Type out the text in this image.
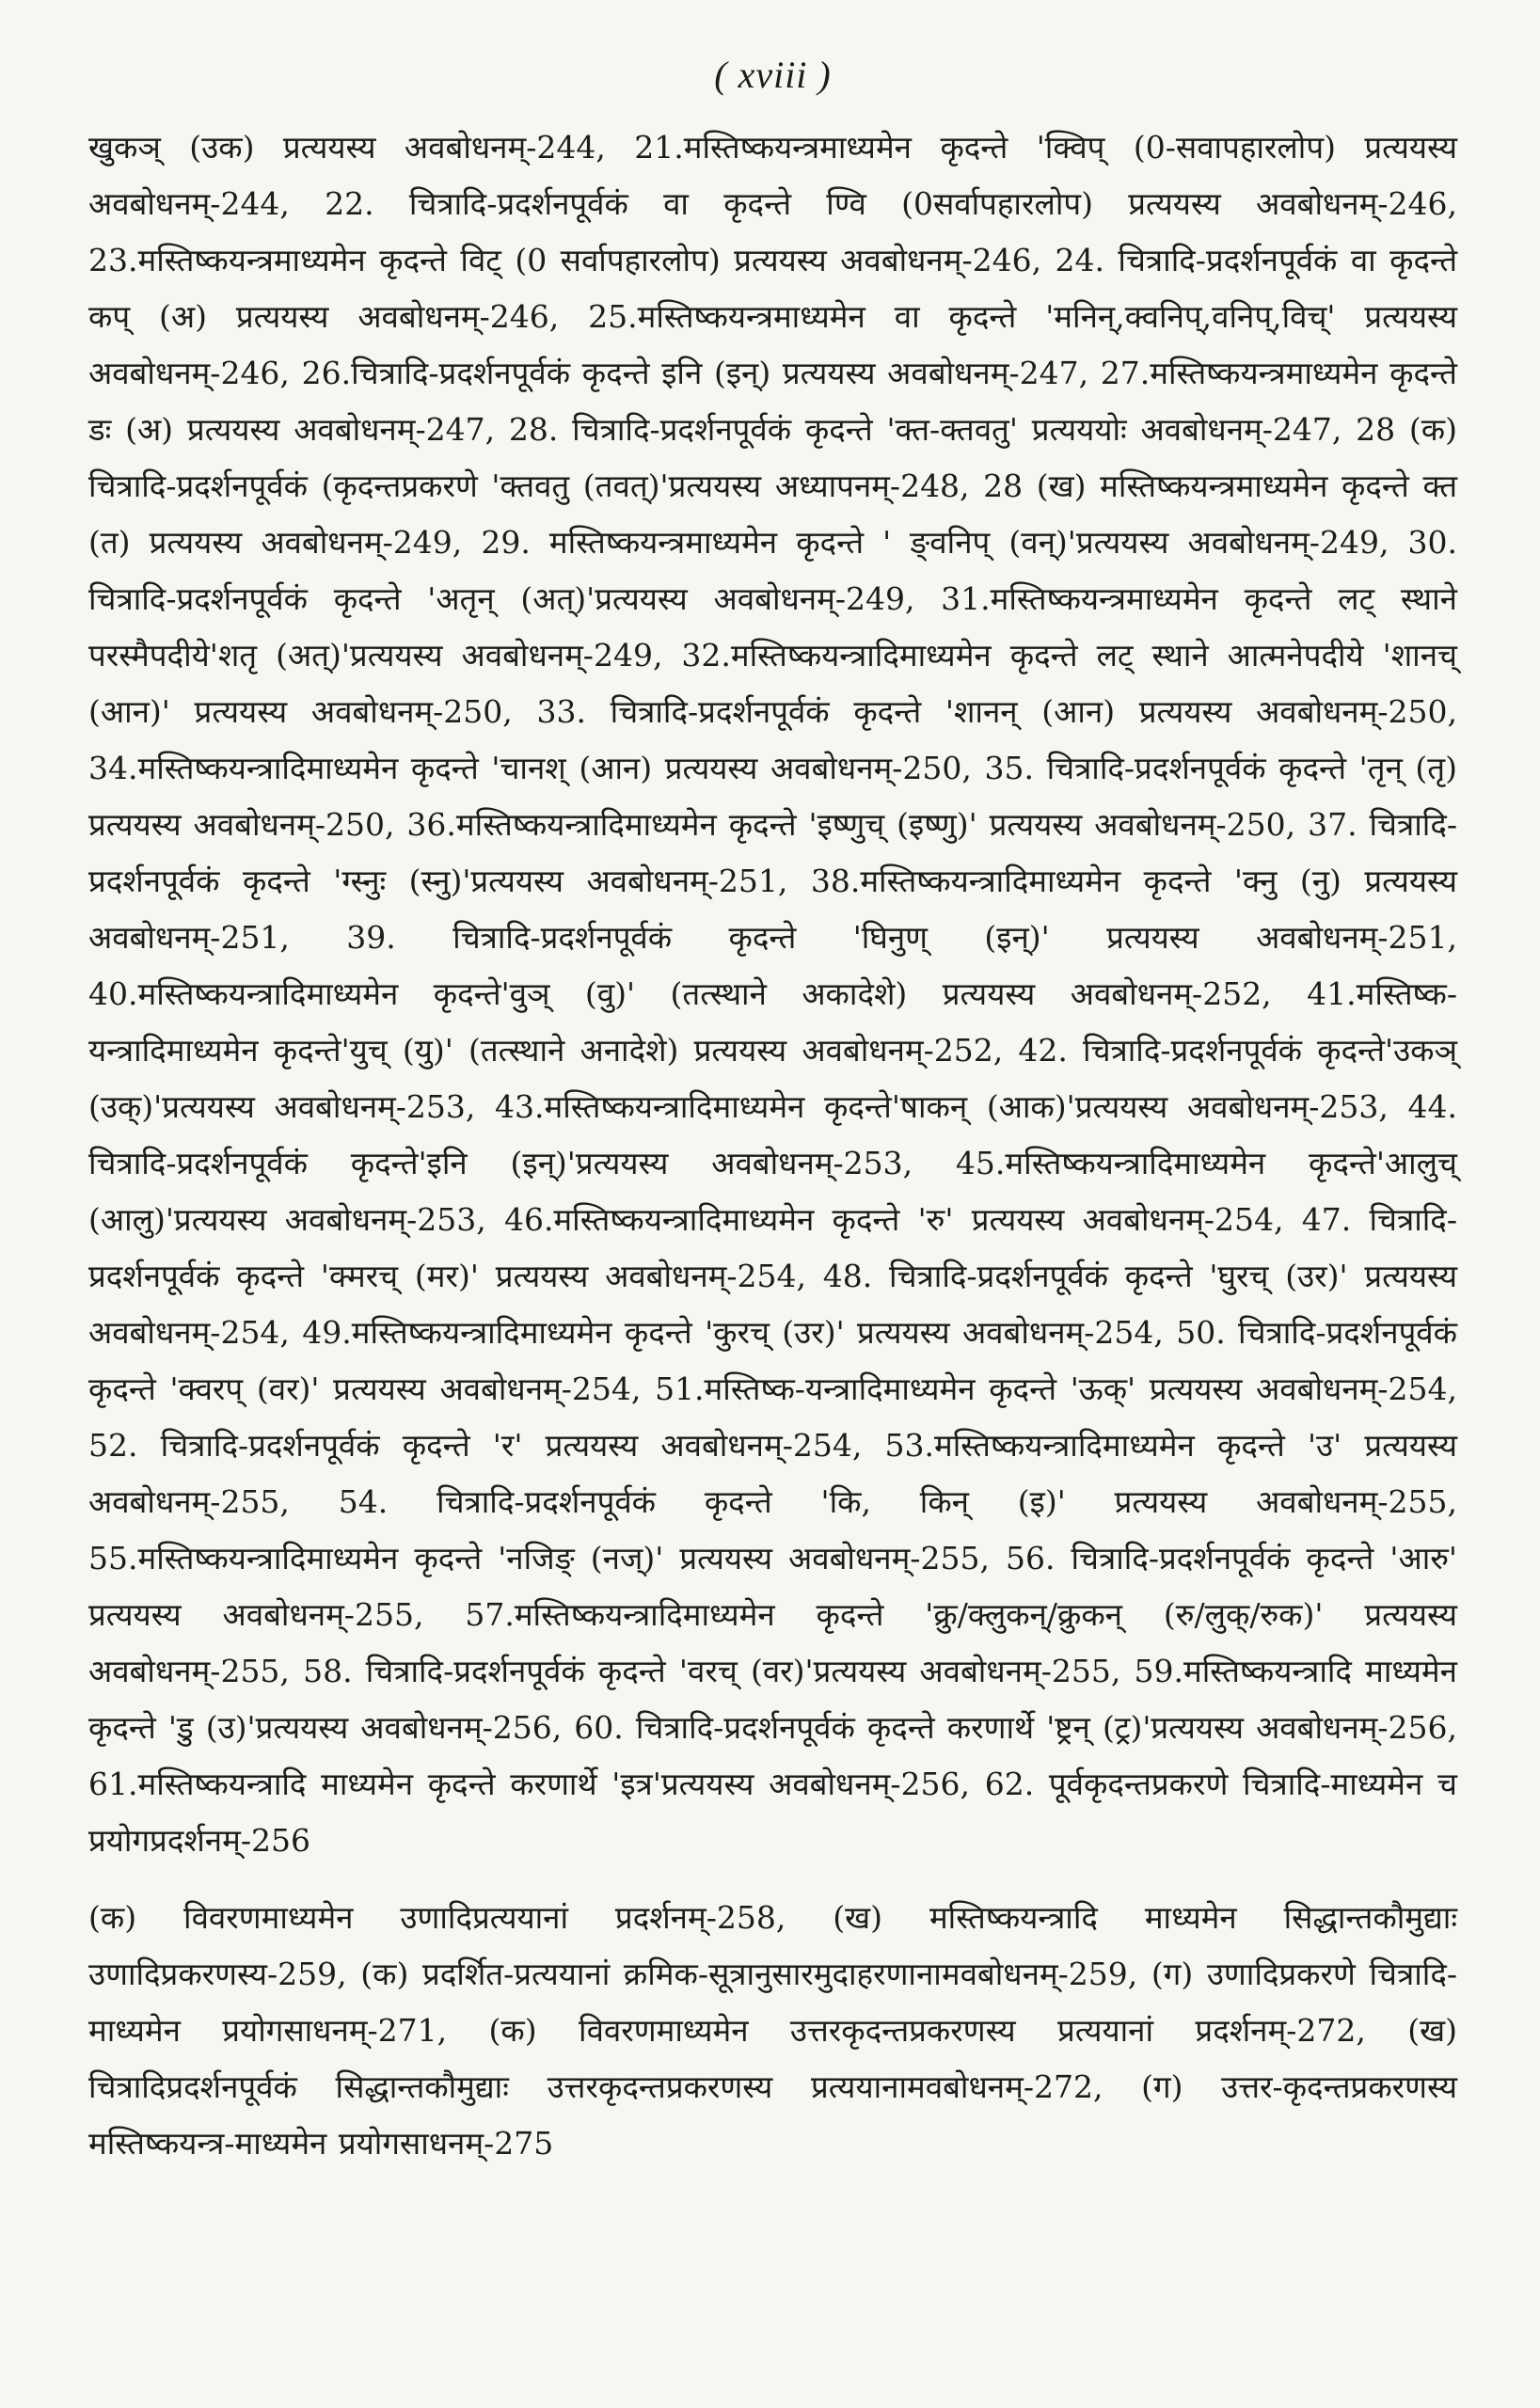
( xviii )

खुकञ् (उक) प्रत्ययस्य अवबोधनम्-244, 21.मस्तिष्कयन्त्रमाध्यमेन कृदन्ते 'क्विप् (0-सवापहारलोप) प्रत्ययस्य अवबोधनम्-244, 22. चित्रादि-प्रदर्शनपूर्वकं वा कृदन्ते ण्वि (0सर्वापहारलोप) प्रत्ययस्य अवबोधनम्-246, 23.मस्तिष्कयन्त्रमाध्यमेन कृदन्ते विट् (0 सर्वापहारलोप) प्रत्ययस्य अवबोधनम्-246, 24. चित्रादि-प्रदर्शनपूर्वकं वा कृदन्ते कप् (अ) प्रत्ययस्य अवबोधनम्-246, 25.मस्तिष्कयन्त्रमाध्यमेन वा कृदन्ते 'मनिन्,क्वनिप्,वनिप्,विच्' प्रत्ययस्य अवबोधनम्-246, 26.चित्रादि-प्रदर्शनपूर्वकं कृदन्ते इनि (इन्) प्रत्ययस्य अवबोधनम्-247, 27.मस्तिष्कयन्त्रमाध्यमेन कृदन्ते डः (अ) प्रत्ययस्य अवबोधनम्-247, 28. चित्रादि-प्रदर्शनपूर्वकं कृदन्ते 'क्त-क्तवतु' प्रत्यययोः अवबोधनम्-247, 28 (क) चित्रादि-प्रदर्शनपूर्वकं (कृदन्तप्रकरणे 'क्तवतु (तवत्)'प्रत्ययस्य अध्यापनम्-248, 28 (ख) मस्तिष्कयन्त्रमाध्यमेन कृदन्ते क्त (त) प्रत्ययस्य अवबोधनम्-249, 29. मस्तिष्कयन्त्रमाध्यमेन कृदन्ते ' ङ्वनिप् (वन्)'प्रत्ययस्य अवबोधनम्-249, 30. चित्रादि-प्रदर्शनपूर्वकं कृदन्ते 'अतृन् (अत्)'प्रत्ययस्य अवबोधनम्-249, 31.मस्तिष्कयन्त्रमाध्यमेन कृदन्ते लट् स्थाने परस्मैपदीये'शतृ (अत्)'प्रत्ययस्य अवबोधनम्-249, 32.मस्तिष्कयन्त्रादिमाध्यमेन कृदन्ते लट् स्थाने आत्मनेपदीये 'शानच् (आन)' प्रत्ययस्य अवबोधनम्-250, 33. चित्रादि-प्रदर्शनपूर्वकं कृदन्ते 'शानन् (आन) प्रत्ययस्य अवबोधनम्-250, 34.मस्तिष्कयन्त्रादिमाध्यमेन कृदन्ते 'चानश् (आन) प्रत्ययस्य अवबोधनम्-250, 35. चित्रादि-प्रदर्शनपूर्वकं कृदन्ते 'तृन् (तृ) प्रत्ययस्य अवबोधनम्-250, 36.मस्तिष्कयन्त्रादिमाध्यमेन कृदन्ते 'इष्णुच् (इष्णु)' प्रत्ययस्य अवबोधनम्-250, 37. चित्रादि-प्रदर्शनपूर्वकं कृदन्ते 'ग्स्नुः (स्नु)'प्रत्ययस्य अवबोधनम्-251, 38.मस्तिष्कयन्त्रादिमाध्यमेन कृदन्ते 'क्नु (नु) प्रत्ययस्य अवबोधनम्-251, 39. चित्रादि-प्रदर्शनपूर्वकं कृदन्ते 'घिनुण् (इन्)' प्रत्ययस्य अवबोधनम्-251, 40.मस्तिष्कयन्त्रादिमाध्यमेन कृदन्ते'वुञ् (वु)' (तत्स्थाने अकादेशे) प्रत्ययस्य अवबोधनम्-252, 41.मस्तिष्क-यन्त्रादिमाध्यमेन कृदन्ते'युच् (यु)' (तत्स्थाने अनादेशे) प्रत्ययस्य अवबोधनम्-252, 42. चित्रादि-प्रदर्शनपूर्वकं कृदन्ते'उकञ् (उक्)'प्रत्ययस्य अवबोधनम्-253, 43.मस्तिष्कयन्त्रादिमाध्यमेन कृदन्ते'षाकन् (आक)'प्रत्ययस्य अवबोधनम्-253, 44. चित्रादि-प्रदर्शनपूर्वकं कृदन्ते'इनि (इन्)'प्रत्ययस्य अवबोधनम्-253, 45.मस्तिष्कयन्त्रादिमाध्यमेन कृदन्ते'आलुच् (आलु)'प्रत्ययस्य अवबोधनम्-253, 46.मस्तिष्कयन्त्रादिमाध्यमेन कृदन्ते 'रु' प्रत्ययस्य अवबोधनम्-254, 47. चित्रादि-प्रदर्शनपूर्वकं कृदन्ते 'क्मरच् (मर)' प्रत्ययस्य अवबोधनम्-254, 48. चित्रादि-प्रदर्शनपूर्वकं कृदन्ते 'घुरच् (उर)' प्रत्ययस्य अवबोधनम्-254, 49.मस्तिष्कयन्त्रादिमाध्यमेन कृदन्ते 'कुरच् (उर)' प्रत्ययस्य अवबोधनम्-254, 50. चित्रादि-प्रदर्शनपूर्वकं कृदन्ते 'क्वरप् (वर)' प्रत्ययस्य अवबोधनम्-254, 51.मस्तिष्क-यन्त्रादिमाध्यमेन कृदन्ते 'ऊक्' प्रत्ययस्य अवबोधनम्-254, 52. चित्रादि-प्रदर्शनपूर्वकं कृदन्ते 'र' प्रत्ययस्य अवबोधनम्-254, 53.मस्तिष्कयन्त्रादिमाध्यमेन कृदन्ते 'उ' प्रत्ययस्य अवबोधनम्-255, 54. चित्रादि-प्रदर्शनपूर्वकं कृदन्ते 'कि, किन् (इ)' प्रत्ययस्य अवबोधनम्-255, 55.मस्तिष्कयन्त्रादिमाध्यमेन कृदन्ते 'नजिङ् (नज्)' प्रत्ययस्य अवबोधनम्-255, 56. चित्रादि-प्रदर्शनपूर्वकं कृदन्ते 'आरु' प्रत्ययस्य अवबोधनम्-255, 57.मस्तिष्कयन्त्रादिमाध्यमेन कृदन्ते 'क्रु/क्लुकन्/क्रुकन् (रु/लुक्/रुक)' प्रत्ययस्य अवबोधनम्-255, 58. चित्रादि-प्रदर्शनपूर्वकं कृदन्ते 'वरच् (वर)'प्रत्ययस्य अवबोधनम्-255, 59.मस्तिष्कयन्त्रादि माध्यमेन कृदन्ते 'डु (उ)'प्रत्ययस्य अवबोधनम्-256, 60. चित्रादि-प्रदर्शनपूर्वकं कृदन्ते करणार्थे 'ष्ट्रन् (ट्र)'प्रत्ययस्य अवबोधनम्-256, 61.मस्तिष्कयन्त्रादि माध्यमेन कृदन्ते करणार्थे 'इत्र'प्रत्ययस्य अवबोधनम्-256, 62. पूर्वकृदन्तप्रकरणे चित्रादि-माध्यमेन च प्रयोगप्रदर्शनम्-256

(क) विवरणमाध्यमेन उणादिप्रत्ययानां प्रदर्शनम्-258, (ख) मस्तिष्कयन्त्रादि माध्यमेन सिद्धान्तकौमुद्याः उणादिप्रकरणस्य-259, (क) प्रदर्शित-प्रत्ययानां क्रमिक-सूत्रानुसारमुदाहरणानामवबोधनम्-259, (ग) उणादिप्रकरणे चित्रादि-माध्यमेन प्रयोगसाधनम्-271, (क) विवरणमाध्यमेन उत्तरकृदन्तप्रकरणस्य प्रत्ययानां प्रदर्शनम्-272, (ख) चित्रादिप्रदर्शनपूर्वकं सिद्धान्तकौमुद्याः उत्तरकृदन्तप्रकरणस्य प्रत्ययानामवबोधनम्-272, (ग) उत्तर-कृदन्तप्रकरणस्य मस्तिष्कयन्त्र-माध्यमेन प्रयोगसाधनम्-275
